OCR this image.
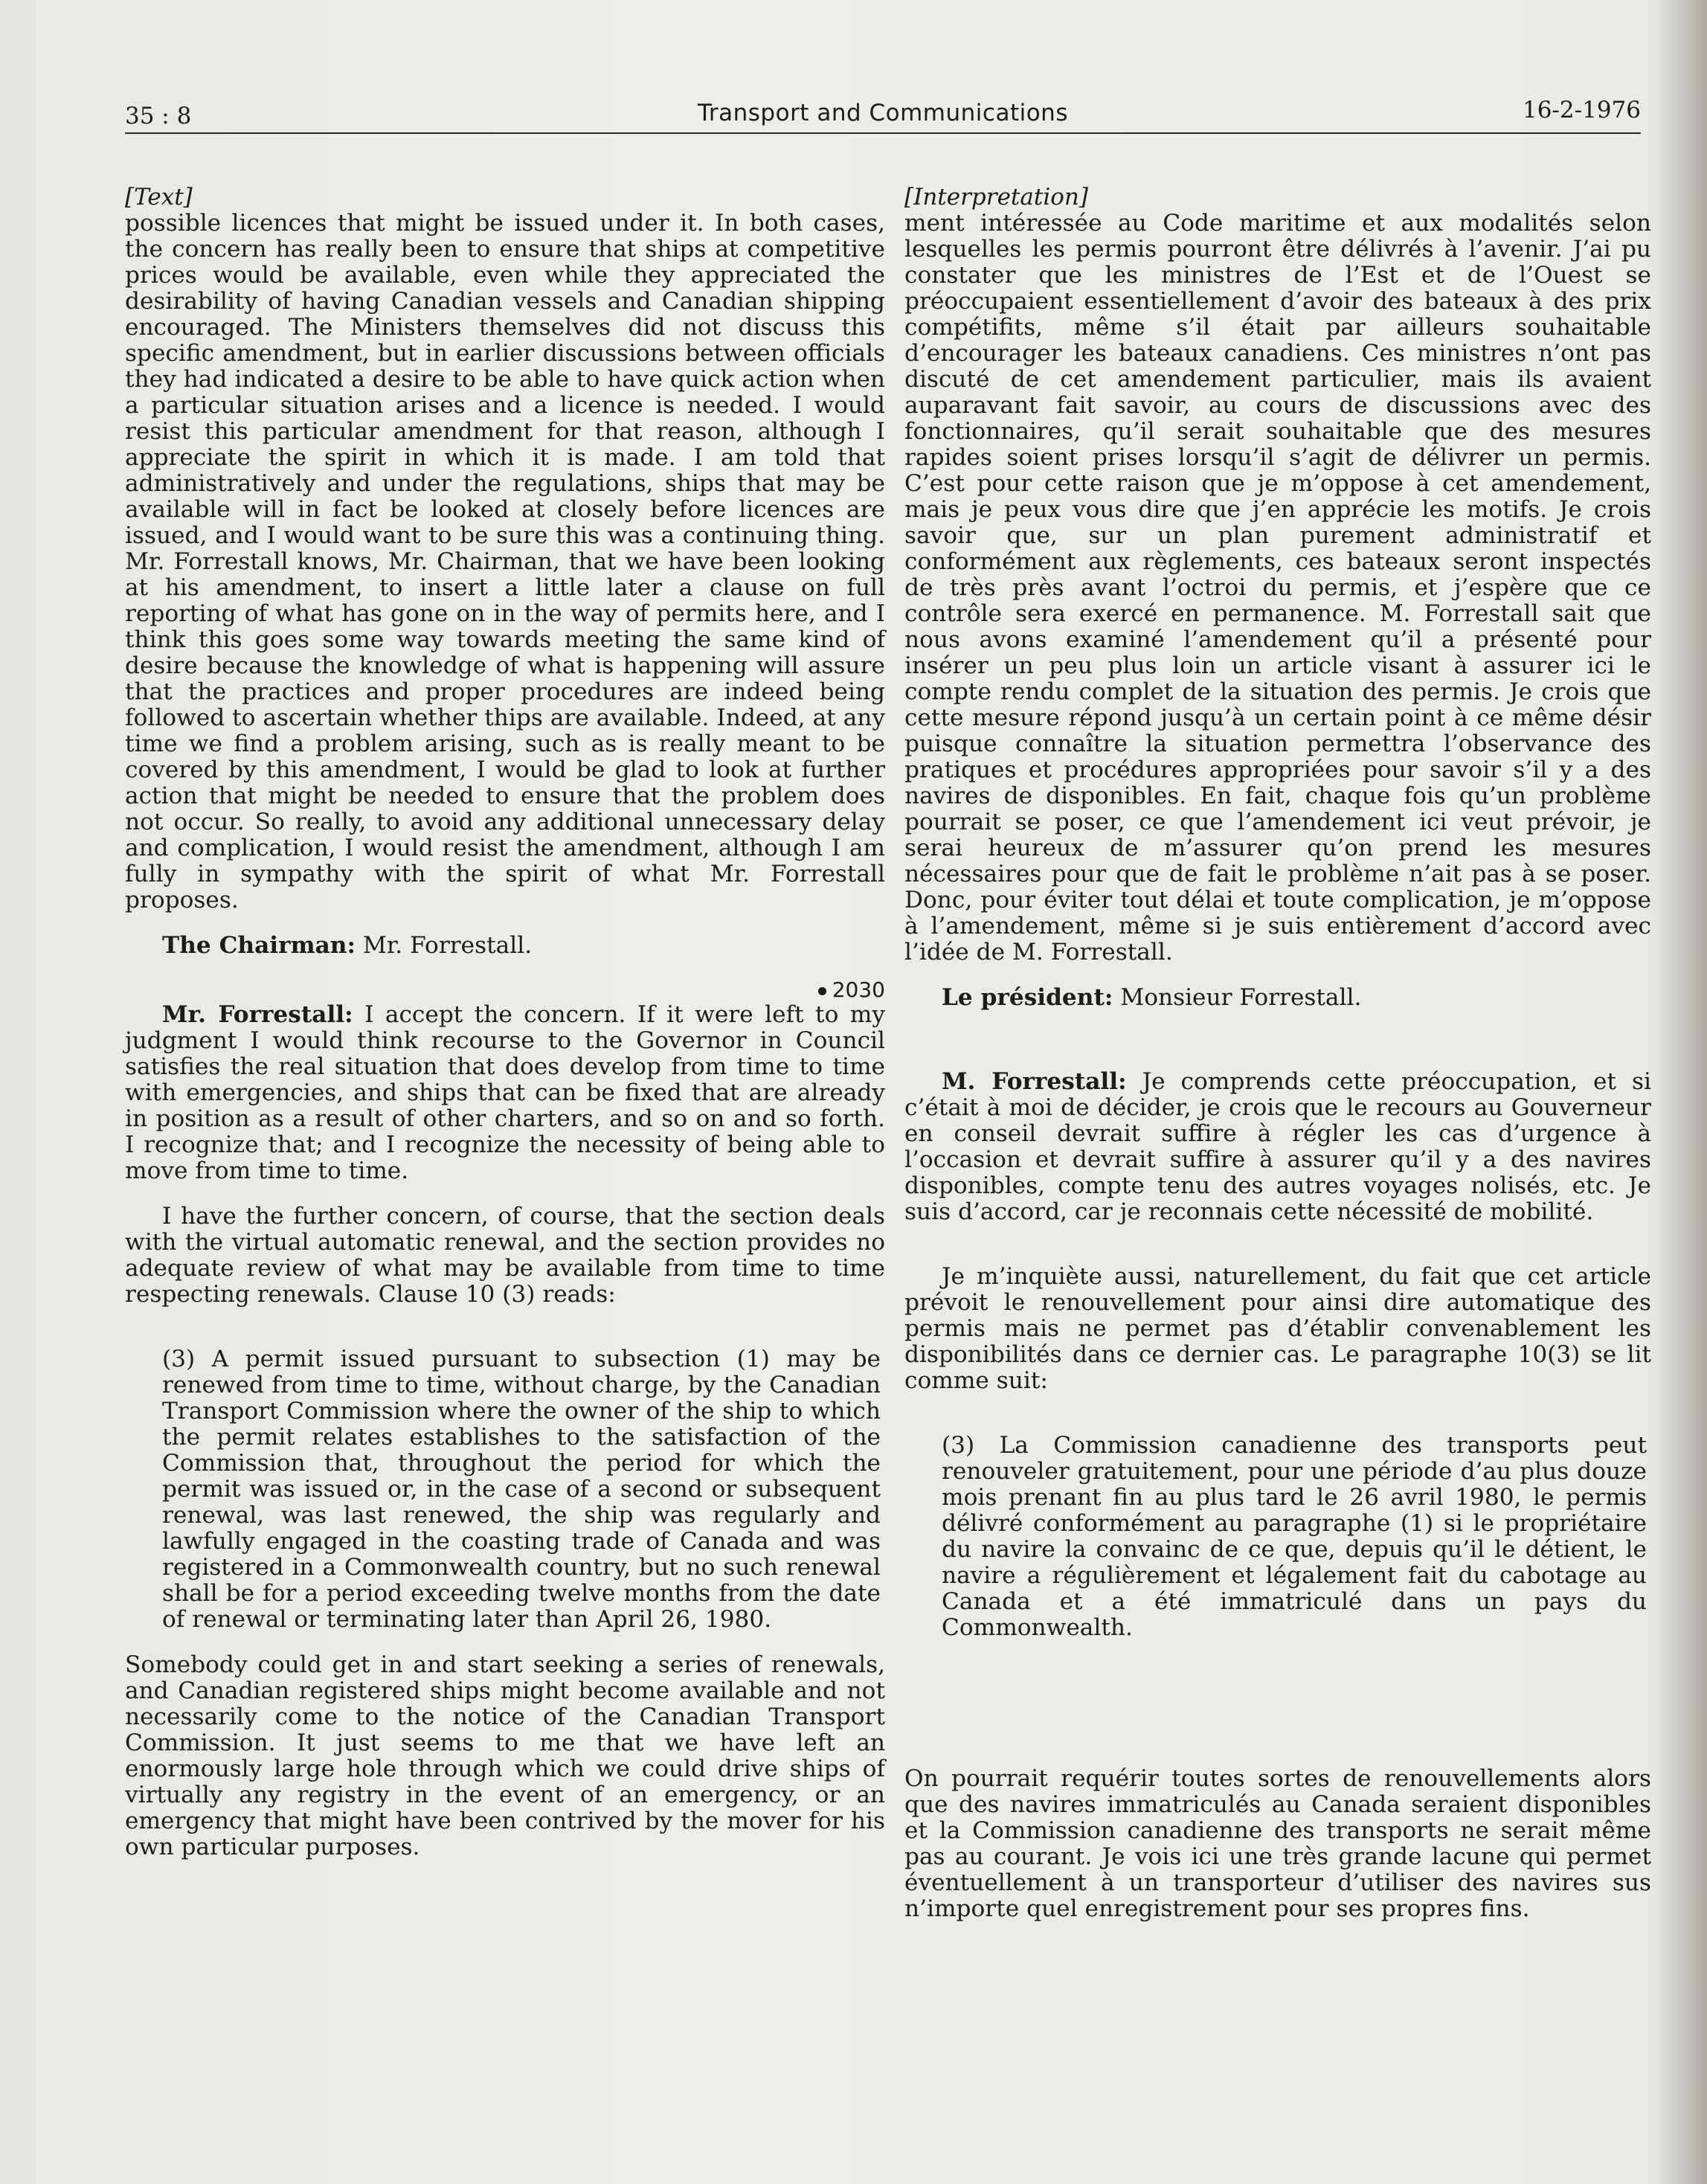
35 : 8	Transport and Communications	16-2-1976

[Text]

possible licences that might be issued under it. In both cases, the concern has really been to ensure that ships at competitive prices would be available, even while they appreciated the desirability of having Canadian vessels and Canadian shipping encouraged. The Ministers themselves did not discuss this specific amendment, but in earlier discussions between officials they had indicated a desire to be able to have quick action when a particular situation arises and a licence is needed. I would resist this particular amendment for that reason, although I appreciate the spirit in which it is made. I am told that administratively and under the regulations, ships that may be available will in fact be looked at closely before licences are issued, and I would want to be sure this was a continuing thing. Mr. Forrestall knows, Mr. Chairman, that we have been looking at his amendment, to insert a little later a clause on full reporting of what has gone on in the way of permits here, and I think this goes some way towards meeting the same kind of desire because the knowledge of what is happening will assure that the practices and proper procedures are indeed being followed to ascertain whether thips are available. Indeed, at any time we find a problem arising, such as is really meant to be covered by this amendment, I would be glad to look at further action that might be needed to ensure that the problem does not occur. So really, to avoid any additional unnecessary delay and complication, I would resist the amendment, although I am fully in sympathy with the spirit of what Mr. Forrestall proposes.

The Chairman: Mr. Forrestall.

2030

Mr. Forrestall: I accept the concern. If it were left to my judgment I would think recourse to the Governor in Council satisfies the real situation that does develop from time to time with emergencies, and ships that can be fixed that are already in position as a result of other charters, and so on and so forth. I recognize that; and I recognize the necessity of being able to move from time to time.

I have the further concern, of course, that the section deals with the virtual automatic renewal, and the section provides no adequate review of what may be available from time to time respecting renewals. Clause 10 (3) reads:

(3) A permit issued pursuant to subsection (1) may be renewed from time to time, without charge, by the Canadian Transport Commission where the owner of the ship to which the permit relates establishes to the satisfaction of the Commission that, throughout the period for which the permit was issued or, in the case of a second or subsequent renewal, was last renewed, the ship was regularly and lawfully engaged in the coasting trade of Canada and was registered in a Commonwealth country, but no such renewal shall be for a period exceeding twelve months from the date of renewal or terminating later than April 26, 1980.

Somebody could get in and start seeking a series of renewals, and Canadian registered ships might become available and not necessarily come to the notice of the Canadian Transport Commission. It just seems to me that we have left an enormously large hole through which we could drive ships of virtually any registry in the event of an emergency, or an emergency that might have been contrived by the mover for his own particular purposes.

[Interpretation]

ment intéressée au Code maritime et aux modalités selon lesquelles les permis pourront être délivrés à l’avenir. J’ai pu constater que les ministres de l’Est et de l’Ouest se préoccupaient essentiellement d’avoir des bateaux à des prix compétifits, même s’il était par ailleurs souhaitable d’encourager les bateaux canadiens. Ces ministres n’ont pas discuté de cet amendement particulier, mais ils avaient auparavant fait savoir, au cours de discussions avec des fonctionnaires, qu’il serait souhaitable que des mesures rapides soient prises lorsqu’il s’agit de délivrer un permis. C’est pour cette raison que je m’oppose à cet amendement, mais je peux vous dire que j’en apprécie les motifs. Je crois savoir que, sur un plan purement administratif et conformément aux règlements, ces bateaux seront inspectés de très près avant l’octroi du permis, et j’espère que ce contrôle sera exercé en permanence. M. Forrestall sait que nous avons examiné l’amendement qu’il a présenté pour insérer un peu plus loin un article visant à assurer ici le compte rendu complet de la situation des permis. Je crois que cette mesure répond jusqu’à un certain point à ce même désir puisque connaître la situation permettra l’observance des pratiques et procédures appropriées pour savoir s’il y a des navires de disponibles. En fait, chaque fois qu’un problème pourrait se poser, ce que l’amendement ici veut prévoir, je serai heureux de m’assurer qu’on prend les mesures nécessaires pour que de fait le problème n’ait pas à se poser. Donc, pour éviter tout délai et toute complication, je m’oppose à l’amendement, même si je suis entièrement d’accord avec l’idée de M. Forrestall.

Le président: Monsieur Forrestall.

M. Forrestall: Je comprends cette préoccupation, et si c’était à moi de décider, je crois que le recours au Gouverneur en conseil devrait suffire à régler les cas d’urgence à l’occasion et devrait suffire à assurer qu’il y a des navires disponibles, compte tenu des autres voyages nolisés, etc. Je suis d’accord, car je reconnais cette nécessité de mobilité.

Je m’inquiète aussi, naturellement, du fait que cet article prévoit le renouvellement pour ainsi dire automatique des permis mais ne permet pas d’établir convenablement les disponibilités dans ce dernier cas. Le paragraphe 10(3) se lit comme suit:

(3) La Commission canadienne des transports peut renouveler gratuitement, pour une période d’au plus douze mois prenant fin au plus tard le 26 avril 1980, le permis délivré conformément au paragraphe (1) si le propriétaire du navire la convainc de ce que, depuis qu’il le détient, le navire a régulièrement et légalement fait du cabotage au Canada et a été immatriculé dans un pays du Commonwealth.

On pourrait requérir toutes sortes de renouvellements alors que des navires immatriculés au Canada seraient disponibles et la Commission canadienne des transports ne serait même pas au courant. Je vois ici une très grande lacune qui permet éventuellement à un transporteur d’utiliser des navires sus n’importe quel enregistrement pour ses propres fins.
